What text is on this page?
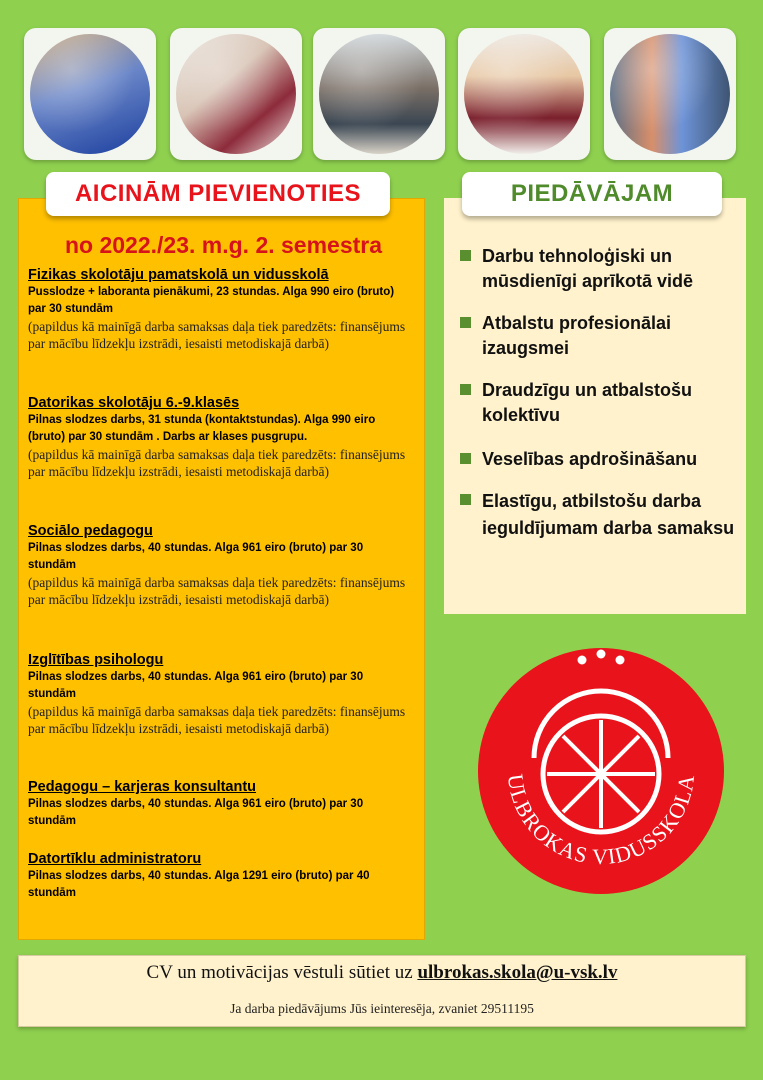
AICINĀM PIEVIENOTIES	PIEDĀVĀJAM
no 2022./23. m.g. 2. semestra
Fizikas skolotāju pamatskolā un vidusskolā
Pusslodze + laboranta pienākumi, 23 stundas. Alga 990 eiro (bruto) par 30 stundām
(papildus kā mainīgā darba samaksas daļa tiek paredzēts: finansējums par mācību līdzekļu izstrādi, iesaisti metodiskajā darbā)
Datorikas skolotāju 6.-9.klasēs
Pilnas slodzes darbs, 31 stunda (kontaktstundas). Alga 990 eiro (bruto) par 30 stundām . Darbs ar klases pusgrupu.
(papildus kā mainīgā darba samaksas daļa tiek paredzēts: finansējums par mācību līdzekļu izstrādi, iesaisti metodiskajā darbā)
Sociālo pedagogu
Pilnas slodzes darbs, 40 stundas. Alga 961 eiro (bruto) par 30 stundām
(papildus kā mainīgā darba samaksas daļa tiek paredzēts: finansējums par mācību līdzekļu izstrādi, iesaisti metodiskajā darbā)
Izglītības psihologu
Pilnas slodzes darbs, 40 stundas. Alga 961 eiro (bruto) par 30 stundām
(papildus kā mainīgā darba samaksas daļa tiek paredzēts: finansējums par mācību līdzekļu izstrādi, iesaisti metodiskajā darbā)
Pedagogu – karjeras konsultantu
Pilnas slodzes darbs, 40 stundas. Alga 961 eiro (bruto) par 30 stundām
Datortīklu administratoru
Pilnas slodzes darbs, 40 stundas. Alga 1291 eiro (bruto) par 40 stundām
Darbu tehnoloģiski un mūsdienīgi aprīkotā vidē
Atbalstu profesionālai izaugsmei
Draudzīgu un atbalstošu kolektīvu
Veselības apdrošināšanu
Elastīgu, atbilstošu darba ieguldījumam darba samaksu
ULBROKAS VIDUSSKOLA
CV un motivācijas vēstuli sūtiet uz ulbrokas.skola@u-vsk.lv
Ja darba piedāvājums Jūs ieinteresēja, zvaniet 29511195
